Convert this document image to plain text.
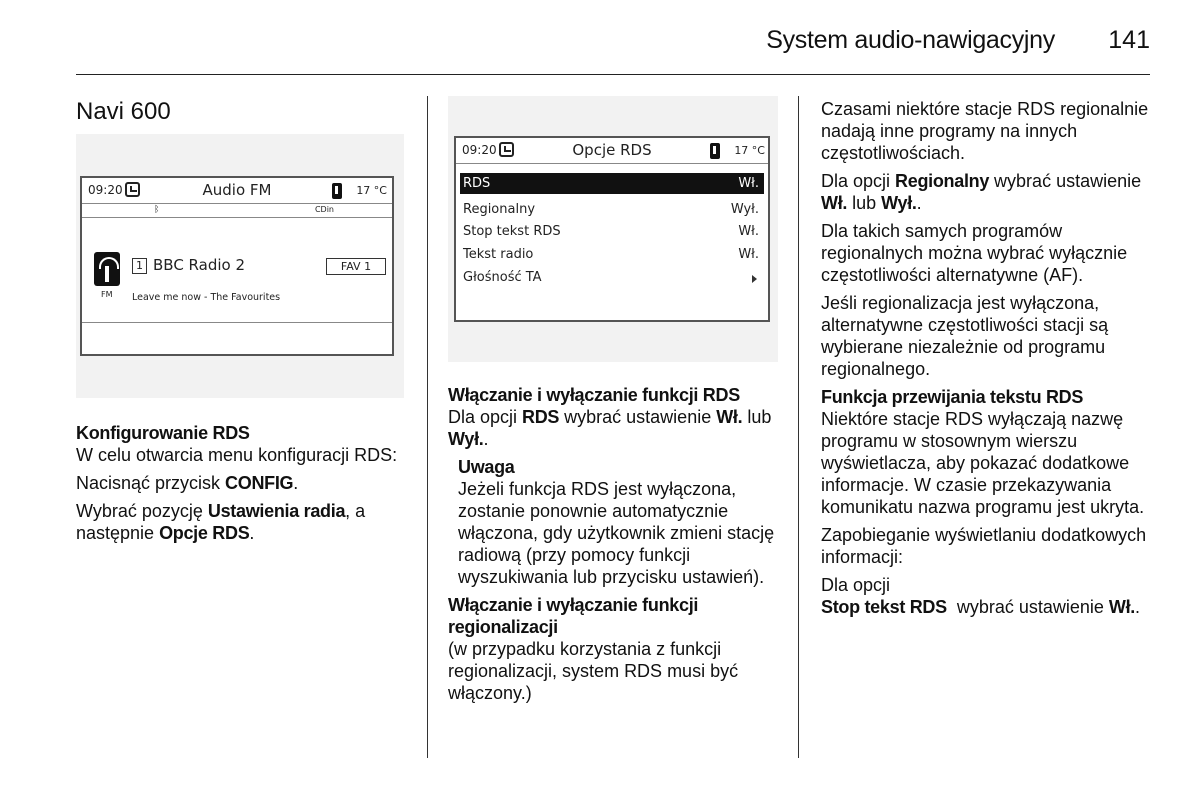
System audio-nawigacyjny 141
Navi 600
09:20	Audio FM	17 °C
ᛒ	CDin
FM
1 BBC Radio 2	FAV 1
Leave me now - The Favourites

Konfigurowanie RDS

W celu otwarcia menu konfiguracji RDS:

Nacisnąć przycisk CONFIG.

Wybrać pozycję Ustawienia radia, a następnie Opcje RDS.

09:20	Opcje RDS	17 °C
RDS	Wł.
Regionalny	Wył.
Stop tekst RDS	Wł.
Tekst radio	Wł.
Głośność TA

Włączanie i wyłączanie funkcji RDS

Dla opcji RDS wybrać ustawienie Wł. lub Wył..

Uwaga

Jeżeli funkcja RDS jest wyłączona, zostanie ponownie automatycznie włączona, gdy użytkownik zmieni stację radiową (przy pomocy funkcji wyszukiwania lub przycisku ustawień).

Włączanie i wyłączanie funkcji regionalizacji

(w przypadku korzystania z funkcji regionalizacji, system RDS musi być włączony.)

Czasami niektóre stacje RDS regionalnie nadają inne programy na innych częstotliwościach.

Dla opcji Regionalny wybrać ustawienie Wł. lub Wył..

Dla takich samych programów regionalnych można wybrać wyłącznie częstotliwości alternatywne (AF).

Jeśli regionalizacja jest wyłączona, alternatywne częstotliwości stacji są wybierane niezależnie od programu regionalnego.

Funkcja przewijania tekstu RDS

Niektóre stacje RDS wyłączają nazwę programu w stosownym wierszu wyświetlacza, aby pokazać dodatkowe informacje. W czasie przekazywania komunikatu nazwa programu jest ukryta.

Zapobieganie wyświetlaniu dodatkowych informacji:

Dla opcji Stop tekst RDS  wybrać ustawienie Wł..
